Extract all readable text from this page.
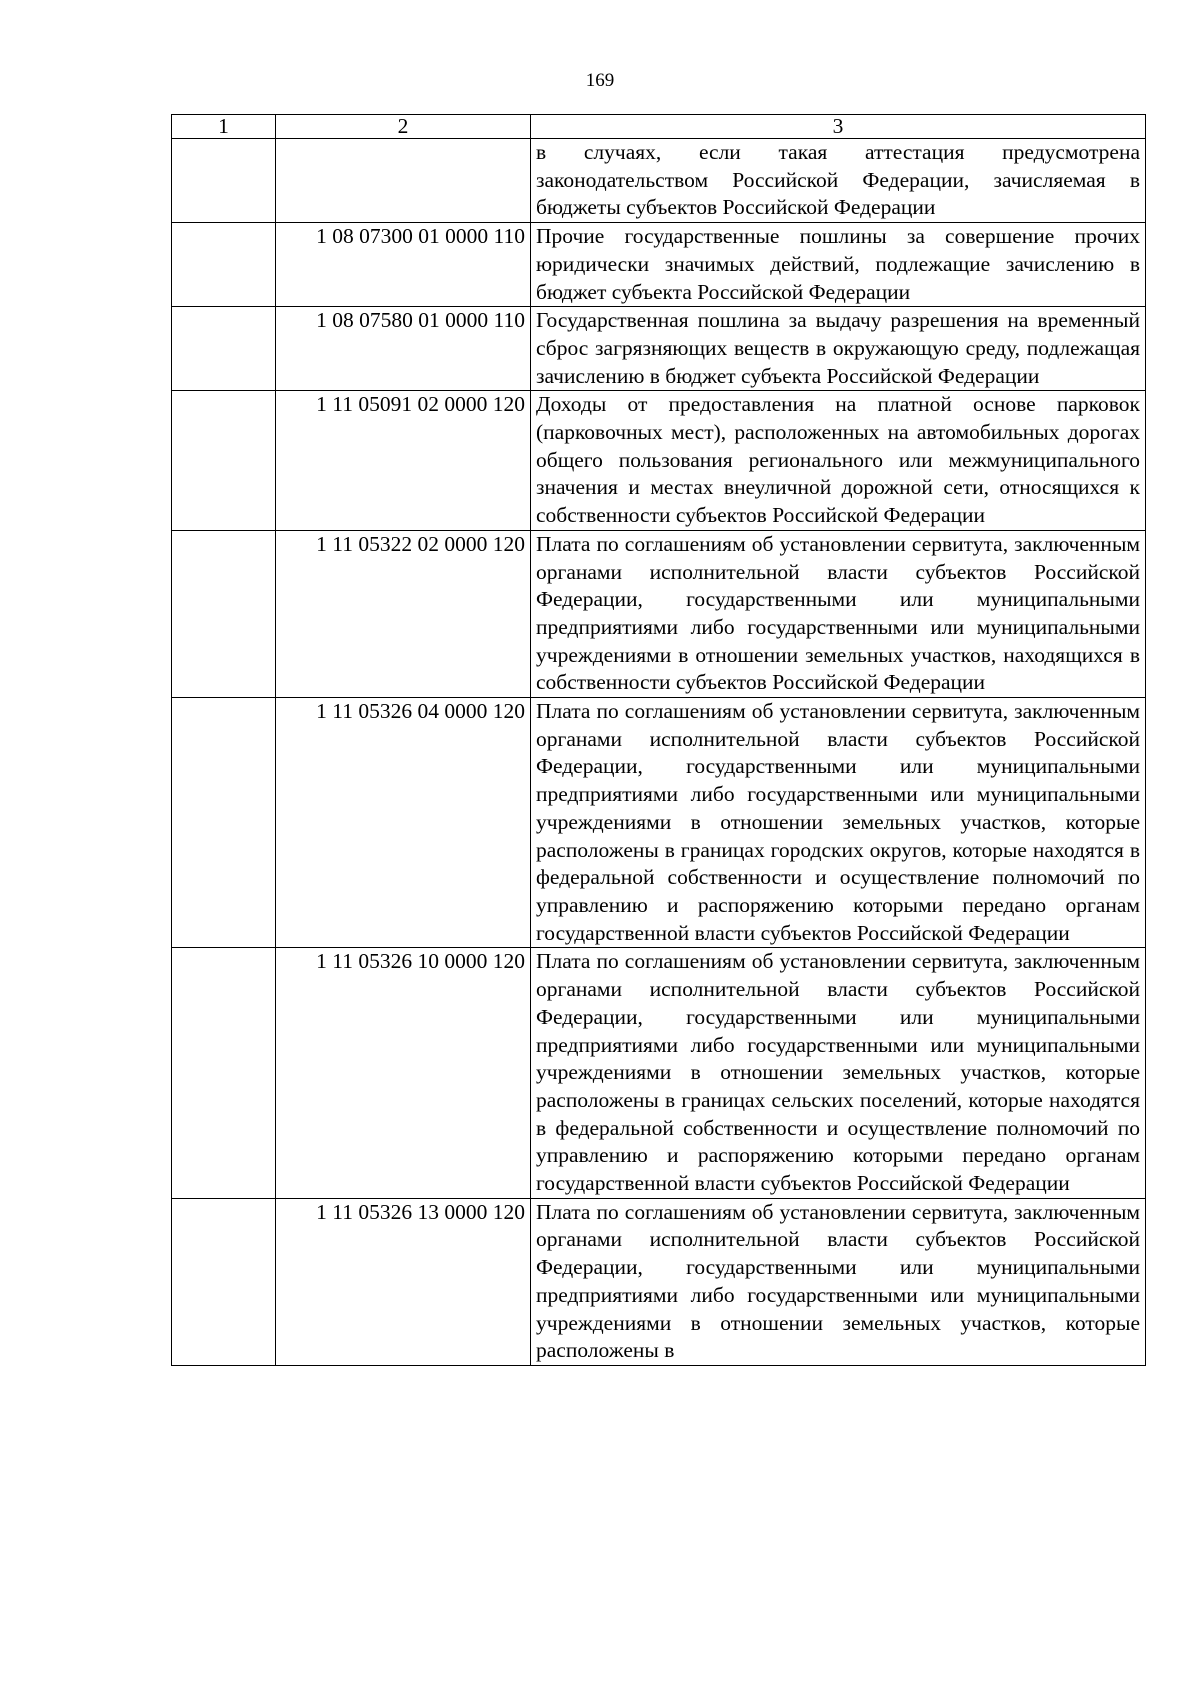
169
1	2	3
		в случаях, если такая аттестация предусмотрена законодательством Российской Федерации, зачисляемая в бюджеты субъектов Российской Федерации
	1 08 07300 01 0000 110	Прочие государственные пошлины за совершение прочих юридически значимых действий, подлежащие зачислению в бюджет субъекта Российской Федерации
	1 08 07580 01 0000 110	Государственная пошлина за выдачу разрешения на временный сброс загрязняющих веществ в окружающую среду, подлежащая зачислению в бюджет субъекта Российской Федерации
	1 11 05091 02 0000 120	Доходы от предоставления на платной основе парковок (парковочных мест), расположенных на автомобильных дорогах общего пользования регионального или межмуниципального значения и местах внеуличной дорожной сети, относящихся к собственности субъектов Российской Федерации
	1 11 05322 02 0000 120	Плата по соглашениям об установлении сервитута, заключенным органами исполнительной власти субъектов Российской Федерации, государственными или муниципальными предприятиями либо государственными или муниципальными учреждениями в отношении земельных участков, находящихся в собственности субъектов Российской Федерации
	1 11 05326 04 0000 120	Плата по соглашениям об установлении сервитута, заключенным органами исполнительной власти субъектов Российской Федерации, государственными или муниципальными предприятиями либо государственными или муниципальными учреждениями в отношении земельных участков, которые расположены в границах городских округов, которые находятся в федеральной собственности и осуществление полномочий по управлению и распоряжению которыми передано органам государственной власти субъектов Российской Федерации
	1 11 05326 10 0000 120	Плата по соглашениям об установлении сервитута, заключенным органами исполнительной власти субъектов Российской Федерации, государственными или муниципальными предприятиями либо государственными или муниципальными учреждениями в отношении земельных участков, которые расположены в границах сельских поселений, которые находятся в федеральной собственности и осуществление полномочий по управлению и распоряжению которыми передано органам государственной власти субъектов Российской Федерации
	1 11 05326 13 0000 120	Плата по соглашениям об установлении сервитута, заключенным органами исполнительной власти субъектов Российской Федерации, государственными или муниципальными предприятиями либо государственными или муниципальными учреждениями в отношении земельных участков, которые расположены в
